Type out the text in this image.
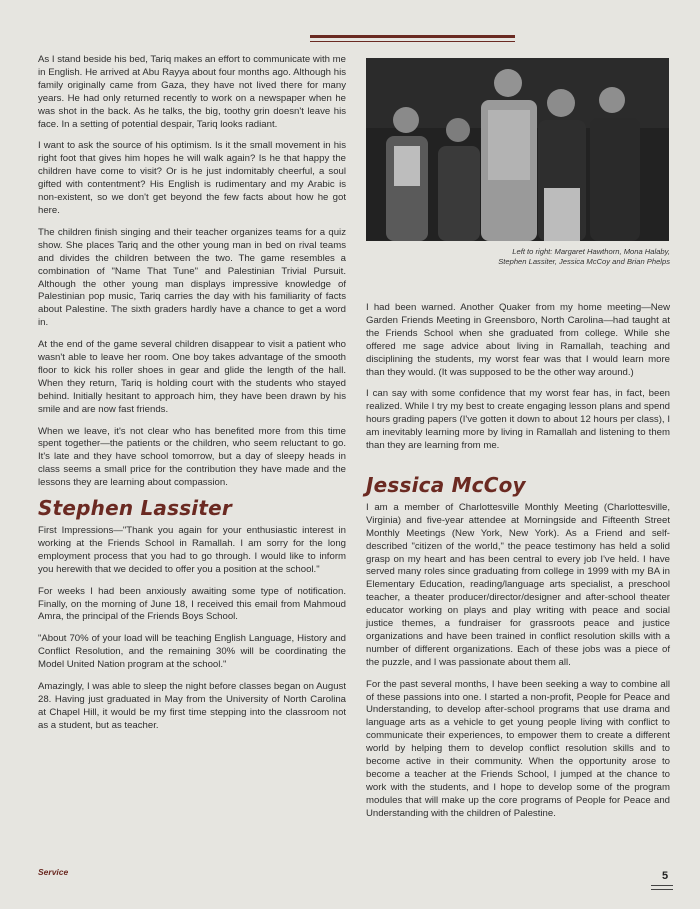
As I stand beside his bed, Tariq makes an effort to communicate with me in English. He arrived at Abu Rayya about four months ago. Although his family originally came from Gaza, they have not lived there for many years. He had only returned recently to work on a newspaper when he was shot in the back. As he talks, the big, toothy grin doesn't leave his face. In a setting of potential despair, Tariq looks radiant.

I want to ask the source of his optimism. Is it the small movement in his right foot that gives him hopes he will walk again? Is he that happy the children have come to visit? Or is he just indomitably cheerful, a soul gifted with contentment? His English is rudimentary and my Arabic is non-existent, so we don't get beyond the few facts about how he got here.

The children finish singing and their teacher organizes teams for a quiz show. She places Tariq and the other young man in bed on rival teams and divides the children between the two. The game resembles a combination of "Name That Tune" and Palestinian Trivial Pursuit. Although the other young man displays impressive knowledge of Palestinian pop music, Tariq carries the day with his familiarity of facts about Palestine. The sixth graders hardly have a chance to get a word in.

At the end of the game several children disappear to visit a patient who wasn't able to leave her room. One boy takes advantage of the smooth floor to kick his roller shoes in gear and glide the length of the hall. When they return, Tariq is holding court with the students who stayed behind. Initially hesitant to approach him, they have been drawn by his smile and are now fast friends.

When we leave, it's not clear who has benefited more from this time spent together—the patients or the children, who seem reluctant to go. It's late and they have school tomorrow, but a day of sleepy heads in class seems a small price for the contribution they have made and the lessons they are learning about compassion.

Stephen Lassiter

First Impressions—"Thank you again for your enthusiastic interest in working at the Friends School in Ramallah. I am sorry for the long employment process that you had to go through. I would like to inform you herewith that we decided to offer you a position at the school."

For weeks I had been anxiously awaiting some type of notification. Finally, on the morning of June 18, I received this email from Mahmoud Amra, the principal of the Friends Boys School.

"About 70% of your load will be teaching English Language, History and Conflict Resolution, and the remaining 30% will be coordinating the Model United Nation program at the school."

Amazingly, I was able to sleep the night before classes began on August 28. Having just graduated in May from the University of North Carolina at Chapel Hill, it would be my first time stepping into the classroom not as a student, but as teacher.

Left to right: Margaret Hawthorn, Mona Halaby,
Stephen Lassiter, Jessica McCoy and Brian Phelps

I had been warned. Another Quaker from my home meeting—New Garden Friends Meeting in Greensboro, North Carolina—had taught at the Friends School when she graduated from college. While she offered me sage advice about living in Ramallah, teaching and disciplining the students, my worst fear was that I would learn more than they would. (It was supposed to be the other way around.)

I can say with some confidence that my worst fear has, in fact, been realized. While I try my best to create engaging lesson plans and spend hours grading papers (I've gotten it down to about 12 hours per class), I am inevitably learning more by living in Ramallah and listening to them than they are learning from me.

Jessica McCoy

I am a member of Charlottesville Monthly Meeting (Charlottesville, Virginia) and five-year attendee at Morningside and Fifteenth Street Monthly Meetings (New York, New York). As a Friend and self-described "citizen of the world," the peace testimony has held a solid grasp on my heart and has been central to every job I've held. I have served many roles since graduating from college in 1999 with my BA in Elementary Education, reading/language arts specialist, a preschool teacher, a theater producer/director/designer and after-school theater educator working on plays and play writing with peace and social justice themes, a fundraiser for grassroots peace and justice organizations and have been trained in conflict resolution skills with a number of different organizations. Each of these jobs was a piece of the puzzle, and I was passionate about them all.

For the past several months, I have been seeking a way to combine all of these passions into one. I started a non-profit, People for Peace and Understanding, to develop after-school programs that use drama and language arts as a vehicle to get young people living with conflict to communicate their experiences, to empower them to create a different world by helping them to develop conflict resolution skills and to become active in their community. When the opportunity arose to become a teacher at the Friends School, I jumped at the chance to work with the students, and I hope to develop some of the program modules that will make up the core programs of People for Peace and Understanding with the children of Palestine.

Service	5
